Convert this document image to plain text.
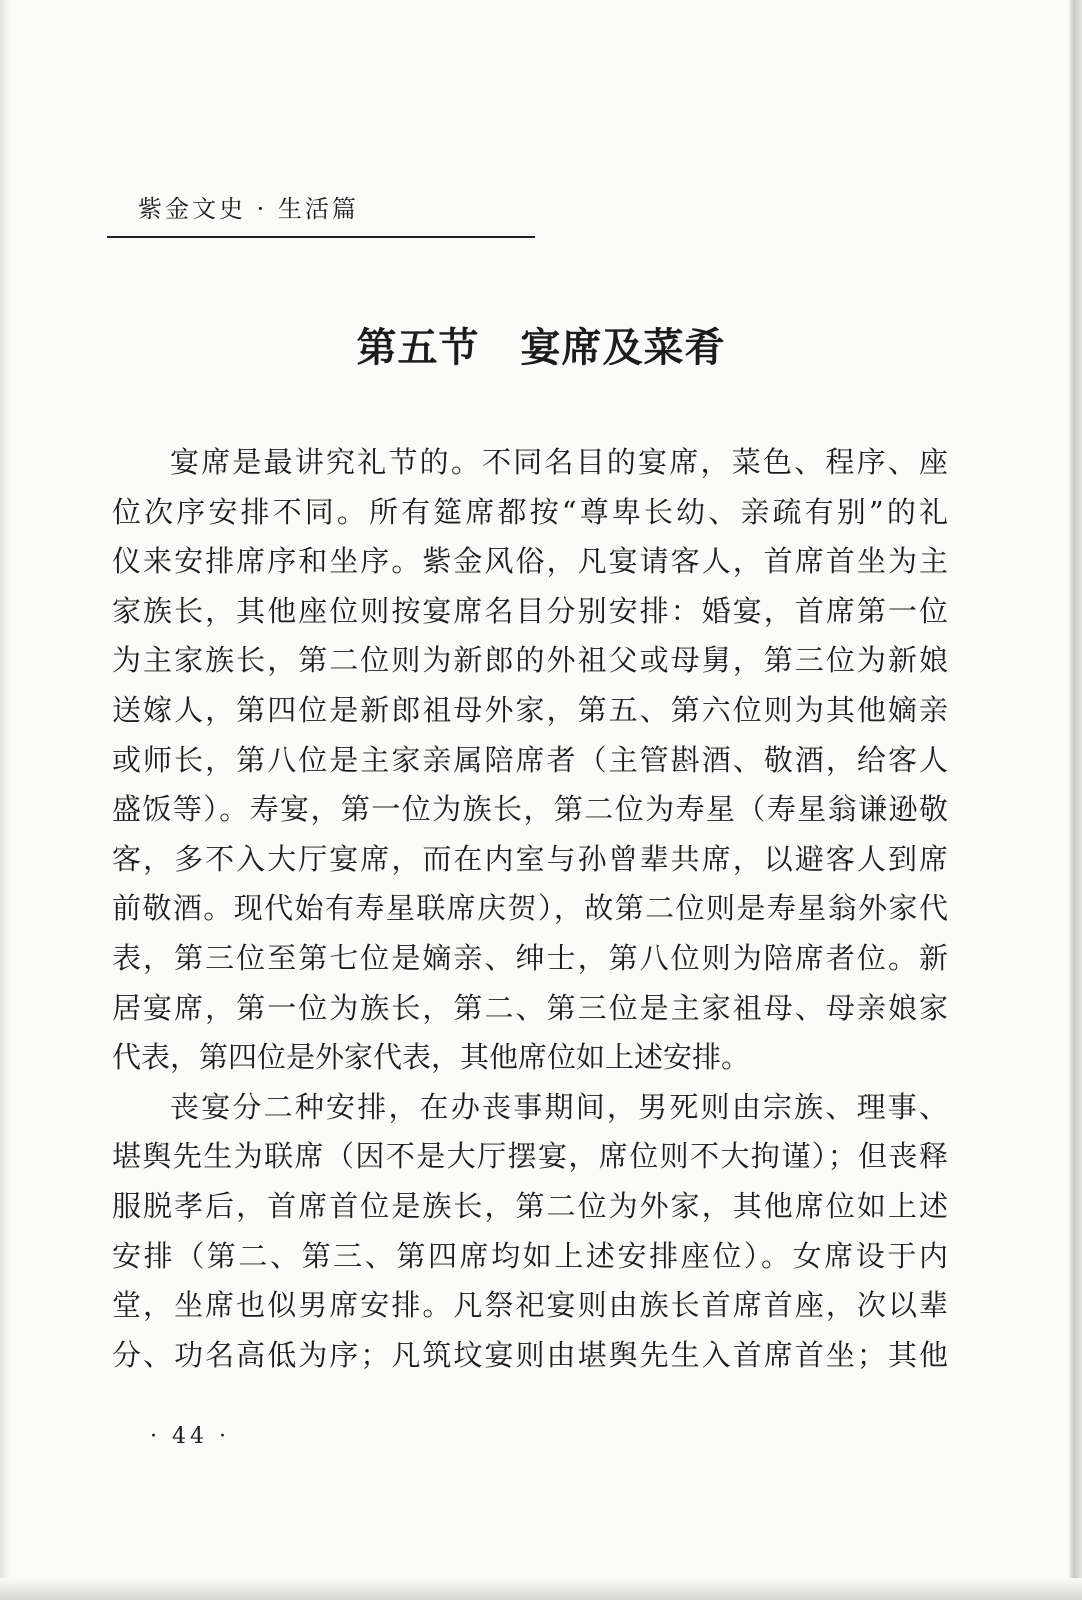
紫金文史 · 生活篇
第五节　宴席及菜肴
宴席是最讲究礼节的。不同名目的宴席，菜色、程序、座
位次序安排不同。所有筵席都按“尊卑长幼、亲疏有别”的礼
仪来安排席序和坐序。紫金风俗，凡宴请客人，首席首坐为主
家族长，其他座位则按宴席名目分别安排：婚宴，首席第一位
为主家族长，第二位则为新郎的外祖父或母舅，第三位为新娘
送嫁人，第四位是新郎祖母外家，第五、第六位则为其他嫡亲
或师长，第八位是主家亲属陪席者（主管斟酒、敬酒，给客人
盛饭等）。寿宴，第一位为族长，第二位为寿星（寿星翁谦逊敬
客，多不入大厅宴席，而在内室与孙曾辈共席，以避客人到席
前敬酒。现代始有寿星联席庆贺），故第二位则是寿星翁外家代
表，第三位至第七位是嫡亲、绅士，第八位则为陪席者位。新
居宴席，第一位为族长，第二、第三位是主家祖母、母亲娘家
代表，第四位是外家代表，其他席位如上述安排。
丧宴分二种安排，在办丧事期间，男死则由宗族、理事、
堪舆先生为联席（因不是大厅摆宴，席位则不大拘谨）；但丧释
服脱孝后，首席首位是族长，第二位为外家，其他席位如上述
安排（第二、第三、第四席均如上述安排座位）。女席设于内
堂，坐席也似男席安排。凡祭祀宴则由族长首席首座，次以辈
分、功名高低为序；凡筑坟宴则由堪舆先生入首席首坐；其他
· 44 ·
